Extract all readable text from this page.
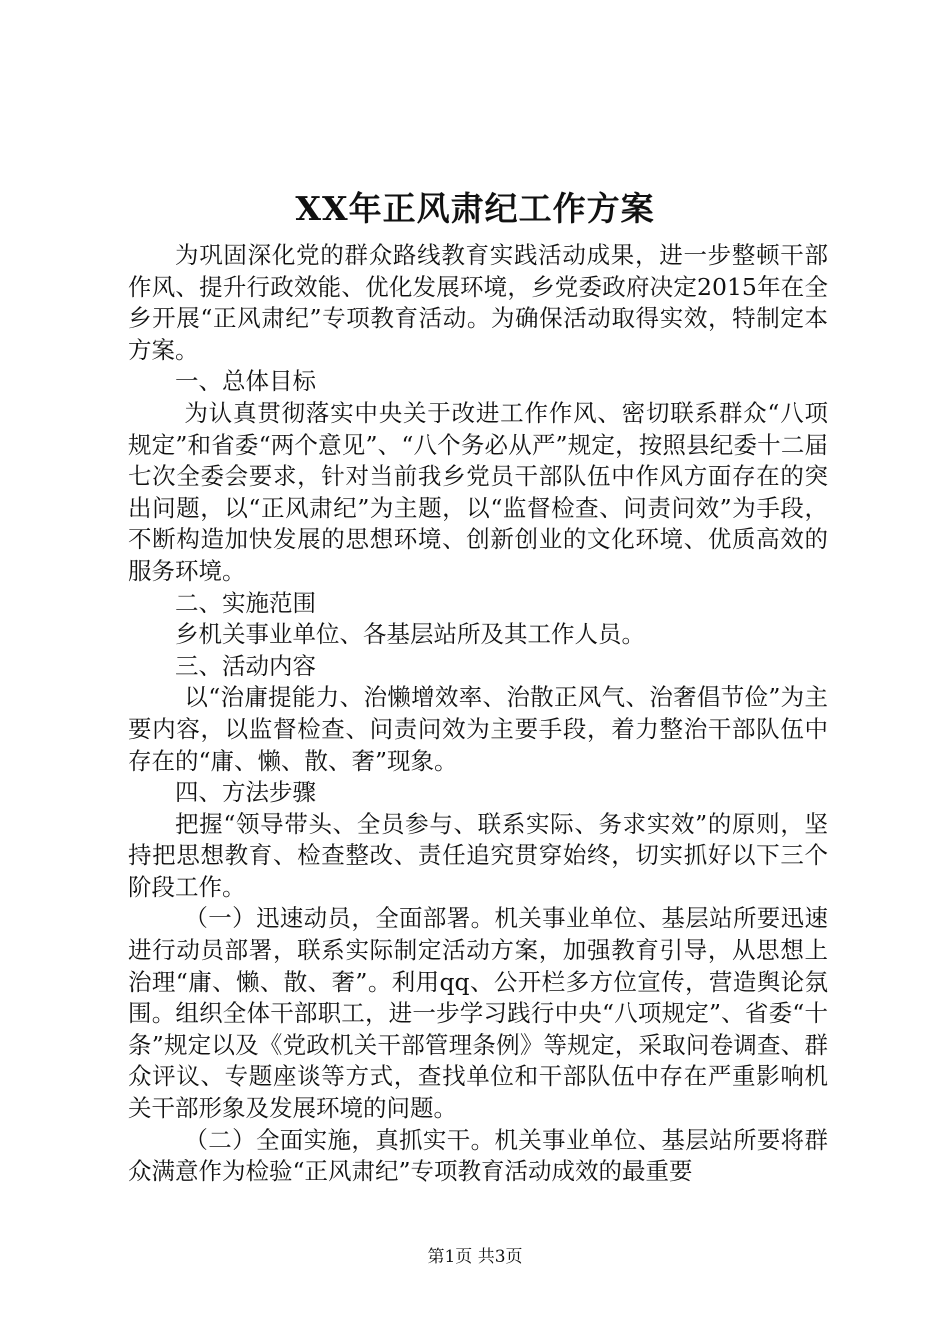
XX年正风肃纪工作方案

为巩固深化党的群众路线教育实践活动成果，进一步整顿干部作风、提升行政效能、优化发展环境，乡党委政府决定2015年在全乡开展“正风肃纪”专项教育活动。为确保活动取得实效，特制定本方案。

一、总体目标

为认真贯彻落实中央关于改进工作作风、密切联系群众“八项规定”和省委“两个意见”、“八个务必从严”规定，按照县纪委十二届七次全委会要求，针对当前我乡党员干部队伍中作风方面存在的突出问题，以“正风肃纪”为主题，以“监督检查、问责问效”为手段，不断构造加快发展的思想环境、创新创业的文化环境、优质高效的服务环境。

二、实施范围

乡机关事业单位、各基层站所及其工作人员。

三、活动内容

以“治庸提能力、治懒增效率、治散正风气、治奢倡节俭”为主要内容，以监督检查、问责问效为主要手段，着力整治干部队伍中存在的“庸、懒、散、奢”现象。

四、方法步骤

把握“领导带头、全员参与、联系实际、务求实效”的原则，坚持把思想教育、检查整改、责任追究贯穿始终，切实抓好以下三个阶段工作。

（一）迅速动员，全面部署。机关事业单位、基层站所要迅速进行动员部署，联系实际制定活动方案，加强教育引导，从思想上治理“庸、懒、散、奢”。利用qq、公开栏多方位宣传，营造舆论氛围。组织全体干部职工，进一步学习践行中央“八项规定”、省委“十条”规定以及《党政机关干部管理条例》等规定，采取问卷调查、群众评议、专题座谈等方式，查找单位和干部队伍中存在严重影响机关干部形象及发展环境的问题。

（二）全面实施，真抓实干。机关事业单位、基层站所要将群众满意作为检验“正风肃纪”专项教育活动成效的最重要

第1页 共3页
